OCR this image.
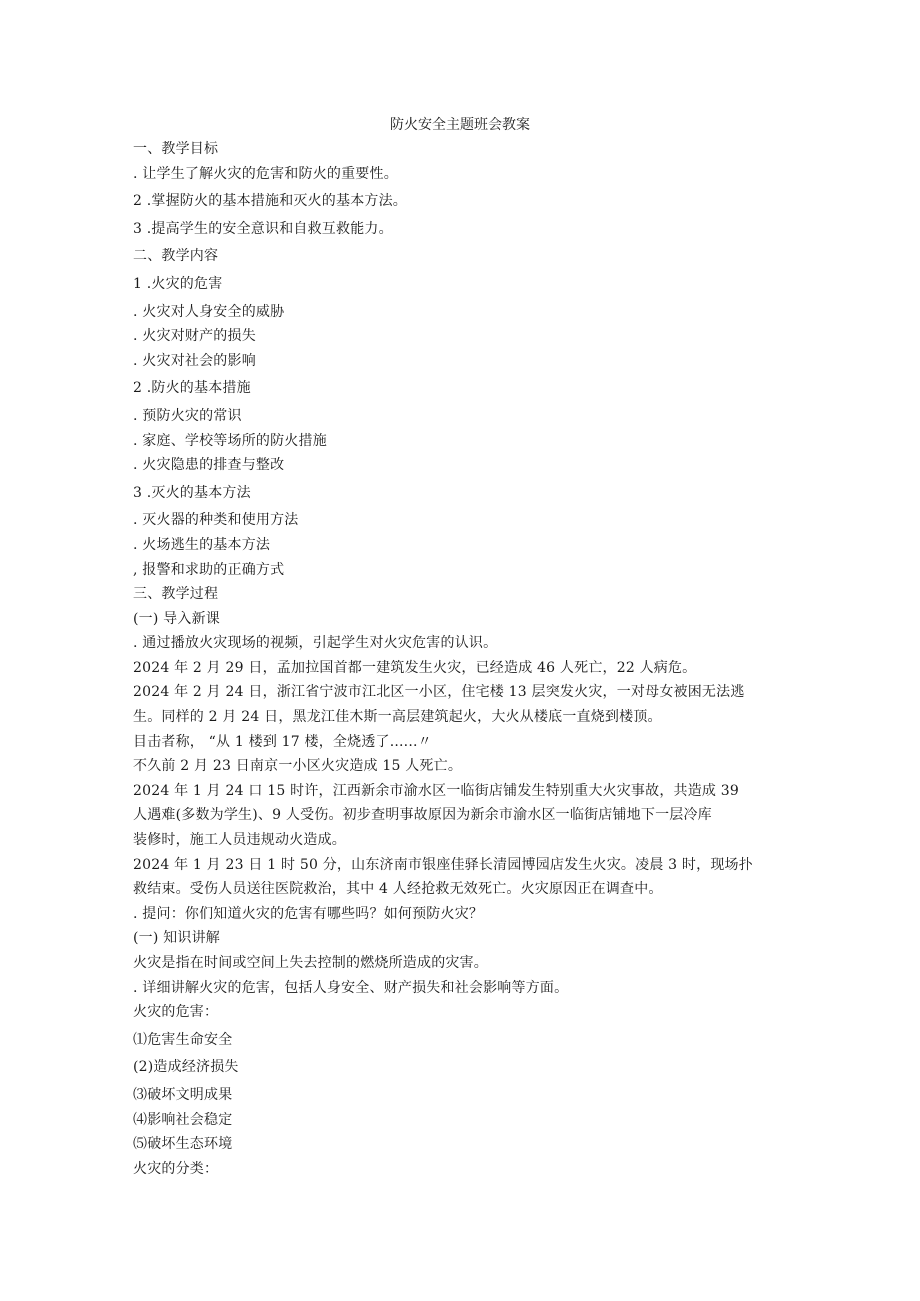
防火安全主题班会教案
一、教学目标
. 让学生了解火灾的危害和防火的重要性。
2 .掌握防火的基本措施和灭火的基本方法。
3 .提高学生的安全意识和自救互救能力。
二、教学内容
1 .火灾的危害
. 火灾对人身安全的威胁
. 火灾对财产的损失
. 火灾对社会的影响
2 .防火的基本措施
. 预防火灾的常识
. 家庭、学校等场所的防火措施
. 火灾隐患的排查与整改
3 .灭火的基本方法
. 灭火器的种类和使用方法
. 火场逃生的基本方法
, 报警和求助的正确方式
三、教学过程
(一) 导入新课
. 通过播放火灾现场的视频，引起学生对火灾危害的认识。
2024 年 2 月 29 日，孟加拉国首都一建筑发生火灾，已经造成 46 人死亡，22 人病危。
2024 年 2 月 24 日，浙江省宁波市江北区一小区，住宅楼 13 层突发火灾，一对母女被困无法逃
生。同样的 2 月 24 日，黑龙江佳木斯一高层建筑起火，大火从楼底一直烧到楼顶。
目击者称， “从 1 楼到 17 楼，全烧透了......〃
不久前 2 月 23 日南京一小区火灾造成 15 人死亡。
2024 年 1 月 24 口 15 时许，江西新余市渝水区一临街店铺发生特别重大火灾事故，共造成 39
人遇难(多数为学生)、9 人受伤。初步查明事故原因为新余市渝水区一临街店铺地下一层冷库
装修时，施工人员违规动火造成。
2024 年 1 月 23 日 1 时 50 分，山东济南市银座佳驿长清园博园店发生火灾。凌晨 3 时，现场扑
救结束。受伤人员送往医院救治，其中 4 人经抢救无效死亡。火灾原因正在调查中。
. 提问：你们知道火灾的危害有哪些吗？如何预防火灾？
(一) 知识讲解
火灾是指在时间或空间上失去控制的燃烧所造成的灾害。
. 详细讲解火灾的危害，包括人身安全、财产损失和社会影响等方面。
火灾的危害：
⑴危害生命安全
(2)造成经济损失
⑶破坏文明成果
⑷影响社会稳定
⑸破坏生态环境
火灾的分类：
